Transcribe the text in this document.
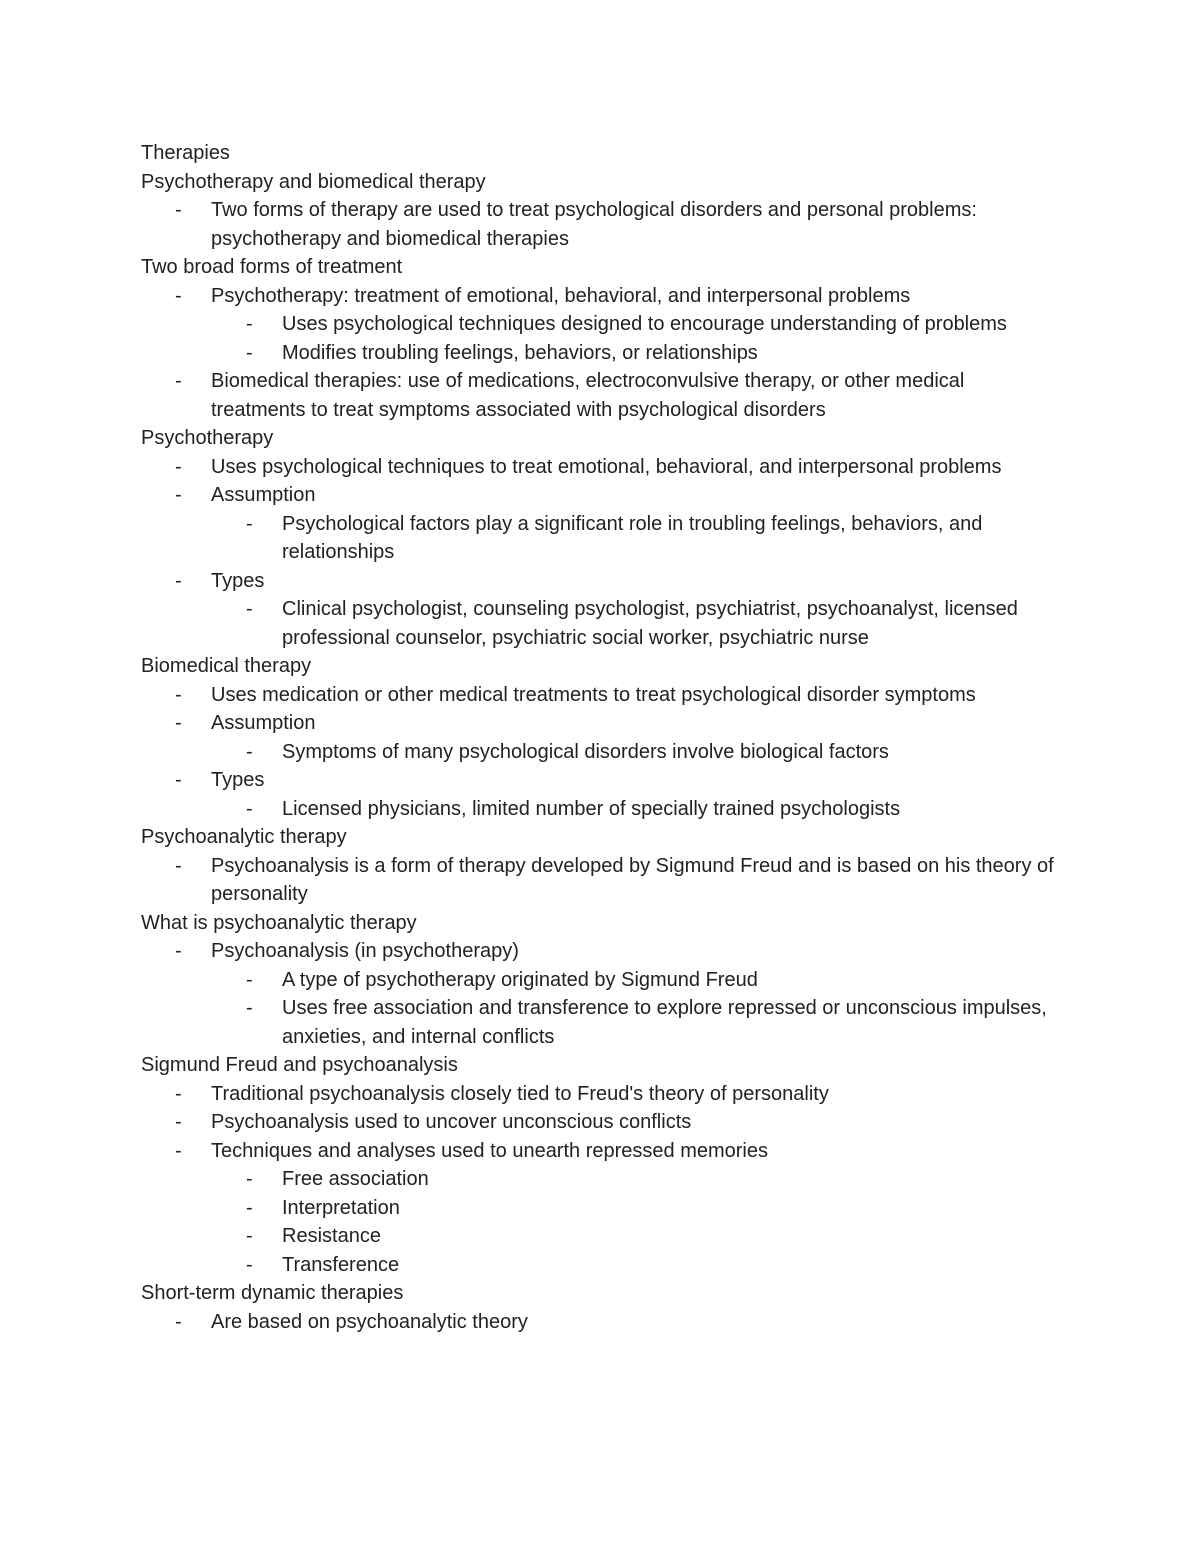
Therapies

Psychotherapy and biomedical therapy

- Two forms of therapy are used to treat psychological disorders and personal problems: psychotherapy and biomedical therapies

Two broad forms of treatment

- Psychotherapy: treatment of emotional, behavioral, and interpersonal problems
- Uses psychological techniques designed to encourage understanding of problems
- Modifies troubling feelings, behaviors, or relationships
- Biomedical therapies: use of medications, electroconvulsive therapy, or other medical treatments to treat symptoms associated with psychological disorders

Psychotherapy

- Uses psychological techniques to treat emotional, behavioral, and interpersonal problems
- Assumption
- Psychological factors play a significant role in troubling feelings, behaviors, and relationships
- Types
- Clinical psychologist, counseling psychologist, psychiatrist, psychoanalyst, licensed professional counselor, psychiatric social worker, psychiatric nurse

Biomedical therapy

- Uses medication or other medical treatments to treat psychological disorder symptoms
- Assumption
- Symptoms of many psychological disorders involve biological factors
- Types
- Licensed physicians, limited number of specially trained psychologists

Psychoanalytic therapy

- Psychoanalysis is a form of therapy developed by Sigmund Freud and is based on his theory of personality

What is psychoanalytic therapy

- Psychoanalysis (in psychotherapy)
- A type of psychotherapy originated by Sigmund Freud
- Uses free association and transference to explore repressed or unconscious impulses, anxieties, and internal conflicts

Sigmund Freud and psychoanalysis

- Traditional psychoanalysis closely tied to Freud's theory of personality
- Psychoanalysis used to uncover unconscious conflicts
- Techniques and analyses used to unearth repressed memories
- Free association
- Interpretation
- Resistance
- Transference

Short-term dynamic therapies

- Are based on psychoanalytic theory
